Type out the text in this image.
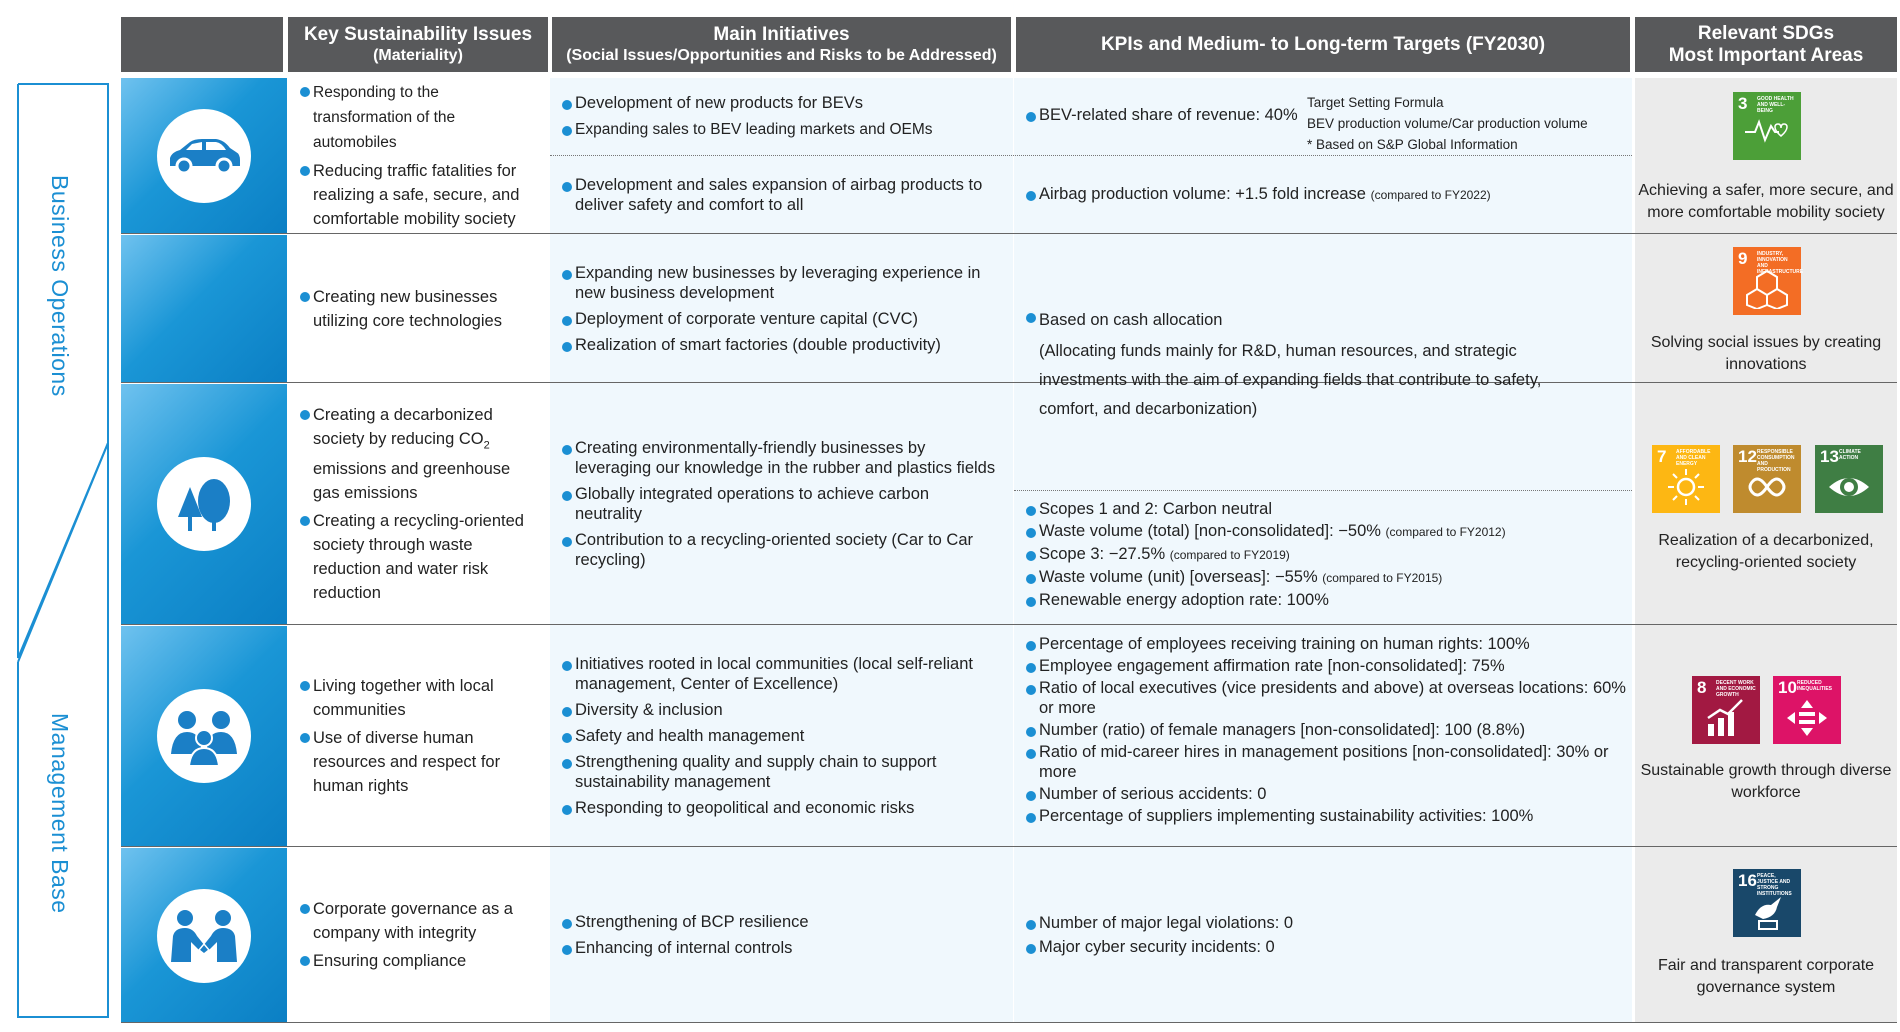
Key Sustainability Issues
(Materiality)
Main Initiatives
(Social Issues/Opportunities and Risks to be Addressed)
KPIs and Medium- to Long-term Targets (FY2030)
Relevant SDGs
Most Important Areas
Business Operations
Management Base
Responding to the transformation of the automobiles
Reducing traffic fatalities for realizing a safe, secure, and comfortable mobility society
Development of new products for BEVs
Expanding sales to BEV leading markets and OEMs
Development and sales expansion of airbag products to deliver safety and comfort to all
BEV-related share of revenue: 40%
Target Setting Formula
BEV production volume/Car production volume
* Based on S&P Global Information
Airbag production volume: +1.5 fold increase (compared to FY2022)
3 GOOD HEALTH AND WELL-BEING
Achieving a safer, more secure, and more comfortable mobility society
Creating new businesses utilizing core technologies
Expanding new businesses by leveraging experience in new business development
Deployment of corporate venture capital (CVC)
Realization of smart factories (double productivity)
Based on cash allocation
(Allocating funds mainly for R&D, human resources, and strategic investments with the aim of expanding fields that contribute to safety, comfort, and decarbonization)
9 INDUSTRY, INNOVATION AND INFRASTRUCTURE
Solving social issues by creating innovations
Creating a decarbonized society by reducing $CO_2$ emissions and greenhouse gas emissions
Creating a recycling-oriented society through waste reduction and water risk reduction
Creating environmentally-friendly businesses by leveraging our knowledge in the rubber and plastics fields
Globally integrated operations to achieve carbon neutrality
Contribution to a recycling-oriented society (Car to Car recycling)
Scopes 1 and 2: Carbon neutral
Waste volume (total) [non-consolidated]: −50% (compared to FY2012)
Scope 3: −27.5% (compared to FY2019)
Waste volume (unit) [overseas]: −55% (compared to FY2015)
Renewable energy adoption rate: 100%
7 AFFORDABLE AND CLEAN ENERGY	12 RESPONSIBLE CONSUMPTION AND PRODUCTION
13 CLIMATE ACTION
Realization of a decarbonized, recycling-oriented society
Living together with local communities
Use of diverse human resources and respect for human rights
Initiatives rooted in local communities (local self-reliant management, Center of Excellence)
Diversity & inclusion
Safety and health management
Strengthening quality and supply chain to support sustainability management
Responding to geopolitical and economic risks
Percentage of employees receiving training on human rights: 100%
Employee engagement affirmation rate [non-consolidated]: 75%
Ratio of local executives (vice presidents and above) at overseas locations: 60% or more
Number (ratio) of female managers [non-consolidated]: 100 (8.8%)
Ratio of mid-career hires in management positions [non-consolidated]: 30% or more
Number of serious accidents: 0
Percentage of suppliers implementing sustainability activities: 100%
8 DECENT WORK AND ECONOMIC GROWTH	10 REDUCED INEQUALITIES
Sustainable growth through diverse workforce
Corporate governance as a company with integrity
Ensuring compliance
Strengthening of BCP resilience
Enhancing of internal controls
Number of major legal violations: 0
Major cyber security incidents: 0
16 PEACE, JUSTICE AND STRONG INSTITUTIONS
Fair and transparent corporate governance system
